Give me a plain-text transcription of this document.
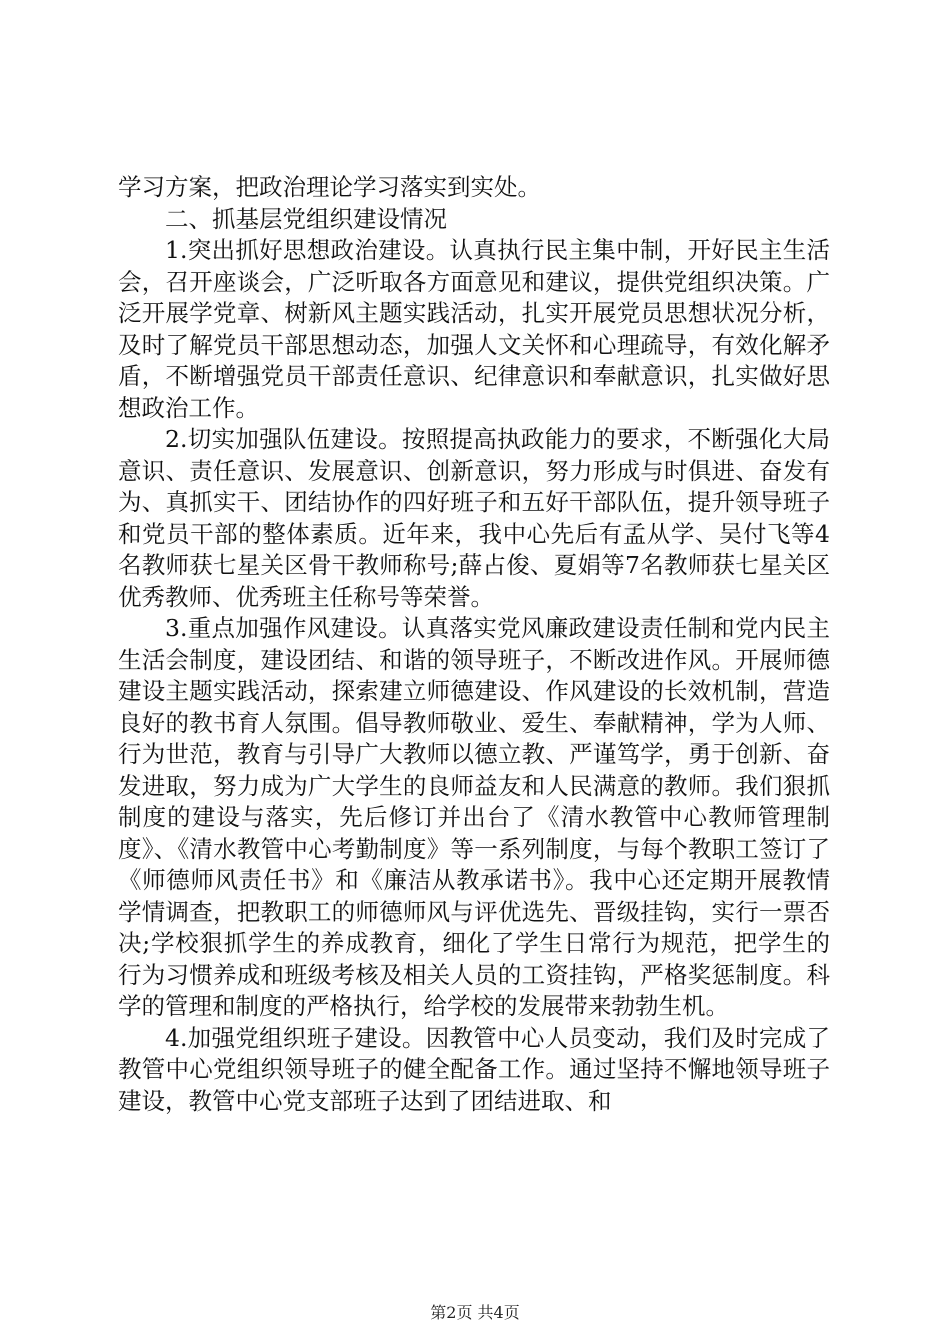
学习方案，把政治理论学习落实到实处。

二、抓基层党组织建设情况

1.突出抓好思想政治建设。认真执行民主集中制，开好民主生活会，召开座谈会，广泛听取各方面意见和建议，提供党组织决策。广泛开展学党章、树新风主题实践活动，扎实开展党员思想状况分析，及时了解党员干部思想动态，加强人文关怀和心理疏导，有效化解矛盾，不断增强党员干部责任意识、纪律意识和奉献意识，扎实做好思想政治工作。

2.切实加强队伍建设。按照提高执政能力的要求，不断强化大局意识、责任意识、发展意识、创新意识，努力形成与时俱进、奋发有为、真抓实干、团结协作的四好班子和五好干部队伍，提升领导班子和党员干部的整体素质。近年来，我中心先后有孟从学、吴付飞等4名教师获七星关区骨干教师称号;薛占俊、夏娟等7名教师获七星关区优秀教师、优秀班主任称号等荣誉。

3.重点加强作风建设。认真落实党风廉政建设责任制和党内民主生活会制度，建设团结、和谐的领导班子，不断改进作风。开展师德建设主题实践活动，探索建立师德建设、作风建设的长效机制，营造良好的教书育人氛围。倡导教师敬业、爱生、奉献精神，学为人师、行为世范，教育与引导广大教师以德立教、严谨笃学，勇于创新、奋发进取，努力成为广大学生的良师益友和人民满意的教师。我们狠抓制度的建设与落实，先后修订并出台了《清水教管中心教师管理制度》、《清水教管中心考勤制度》等一系列制度，与每个教职工签订了《师德师风责任书》和《廉洁从教承诺书》。我中心还定期开展教情学情调查，把教职工的师德师风与评优选先、晋级挂钩，实行一票否决;学校狠抓学生的养成教育，细化了学生日常行为规范，把学生的行为习惯养成和班级考核及相关人员的工资挂钩，严格奖惩制度。科学的管理和制度的严格执行，给学校的发展带来勃勃生机。

4.加强党组织班子建设。因教管中心人员变动，我们及时完成了教管中心党组织领导班子的健全配备工作。通过坚持不懈地领导班子建设，教管中心党支部班子达到了团结进取、和

第2页 共4页
